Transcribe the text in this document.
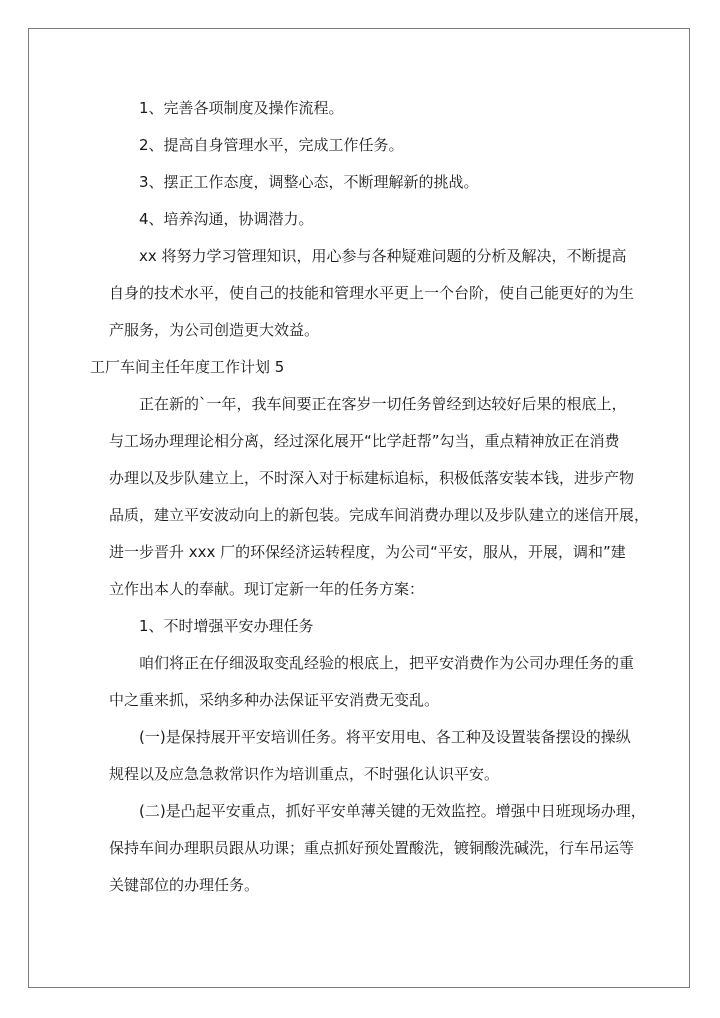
1、完善各项制度及操作流程。
2、提高自身管理水平，完成工作任务。
3、摆正工作态度，调整心态，不断理解新的挑战。
4、培养沟通，协调潜力。
xx 将努力学习管理知识，用心参与各种疑难问题的分析及解决，不断提高
自身的技术水平，使自己的技能和管理水平更上一个台阶，使自己能更好的为生
产服务，为公司创造更大效益。
工厂车间主任年度工作计划 5
正在新的`一年，我车间要正在客岁一切任务曾经到达较好后果的根底上，
与工场办理理论相分离，经过深化展开“比学赶帮”勾当，重点精神放正在消费
办理以及步队建立上，不时深入对于标建标追标，积极低落安装本钱，进步产物
品质，建立平安波动向上的新包装。完成车间消费办理以及步队建立的迷信开展，
进一步晋升 xxx 厂的环保经济运转程度，为公司“平安，服从，开展，调和”建
立作出本人的奉献。现订定新一年的任务方案：
1、不时增强平安办理任务
咱们将正在仔细汲取变乱经验的根底上，把平安消费作为公司办理任务的重
中之重来抓，采纳多种办法保证平安消费无变乱。
(一)是保持展开平安培训任务。将平安用电、各工种及设置装备摆设的操纵
规程以及应急急救常识作为培训重点，不时强化认识平安。
(二)是凸起平安重点，抓好平安单薄关键的无效监控。增强中日班现场办理，
保持车间办理职员跟从功课；重点抓好预处置酸洗，镀铜酸洗碱洗，行车吊运等
关键部位的办理任务。
